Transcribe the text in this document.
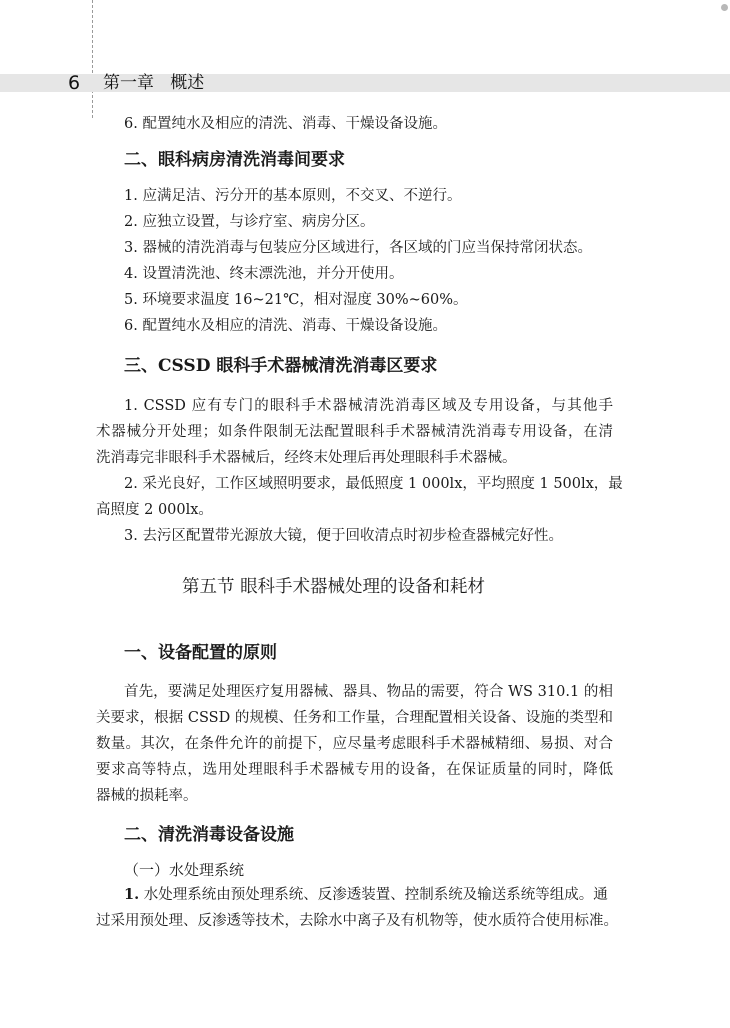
6 第一章   概述
6. 配置纯水及相应的清洗、消毒、干燥设备设施。
二、眼科病房清洗消毒间要求
1. 应满足洁、污分开的基本原则，不交叉、不逆行。
2. 应独立设置，与诊疗室、病房分区。
3. 器械的清洗消毒与包装应分区域进行，各区域的门应当保持常闭状态。
4. 设置清洗池、终末漂洗池，并分开使用。
5. 环境要求温度 16~21℃，相对湿度 30%~60%。
6. 配置纯水及相应的清洗、消毒、干燥设备设施。
三、CSSD 眼科手术器械清洗消毒区要求
1. CSSD 应有专门的眼科手术器械清洗消毒区域及专用设备，与其他手
术器械分开处理；如条件限制无法配置眼科手术器械清洗消毒专用设备，在清
洗消毒完非眼科手术器械后，经终末处理后再处理眼科手术器械。
2. 采光良好，工作区域照明要求，最低照度 1 000lx，平均照度 1 500lx，最
高照度 2 000lx。
3. 去污区配置带光源放大镜，便于回收清点时初步检查器械完好性。
第五节 眼科手术器械处理的设备和耗材
一、设备配置的原则
首先，要满足处理医疗复用器械、器具、物品的需要，符合 WS 310.1 的相
关要求，根据 CSSD 的规模、任务和工作量，合理配置相关设备、设施的类型和
数量。其次，在条件允许的前提下，应尽量考虑眼科手术器械精细、易损、对合
要求高等特点，选用处理眼科手术器械专用的设备，在保证质量的同时，降低
器械的损耗率。
二、清洗消毒设备设施
（一）水处理系统
1. 水处理系统由预处理系统、反渗透装置、控制系统及输送系统等组成。通
过采用预处理、反渗透等技术，去除水中离子及有机物等，使水质符合使用标准。
